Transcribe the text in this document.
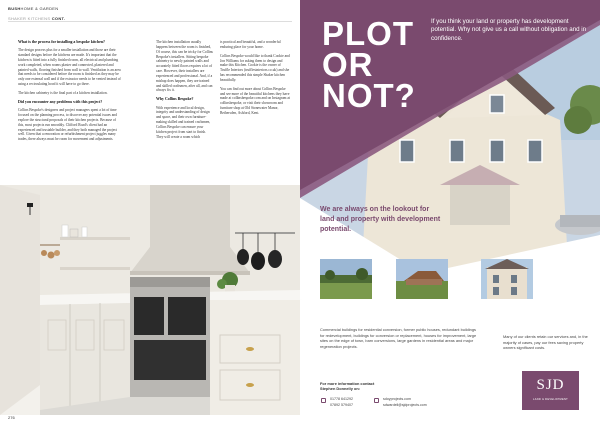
BUSHHOME & GARDEN
SHAKER KITCHENS CONT.
What is the process for installing a bespoke kitchen?

The design process plus for a smaller installation and those are their standard designs before the kitchens are made. It's important that the kitchen is fitted into a fully finished room, all electrical and plumbing work completed, when rooms plaster and connected, plastered and painted walls, flooring finished from wall to wall. Ventilation is an area that needs to be considered before the room is finished as they may be only one external wall and if the extractor needs to be vented instead of using a recirculating hood it will have to go there.

The kitchen cabinetry is the final part of a kitchen installation.

Did you encounter any problems with this project?

Collins Bespoke's designers and project managers spent a lot of time focused on the planning process, to discover any potential issues and explore the structural proposals of their kitchen projects. Because of this, most projects run smoothly. Clifford Road's client had an experienced and trustable builder, and they both managed the project well. Given that a renovation or refurbishment project juggles many trades, there always must be room for movement and adjustments.

The kitchen installation usually happens between the room is finished, Of course, this can be tricky for Collins Bespoke's installers. Sitting bespoke cabinetry to newly painted walls and accurately fitted floors requires a lot of care. However, their installers are experienced and professional. And, if a mishap does happen, they are trained and skilled craftsmen, after all, and can always fix it.

Why Collins Bespoke?

With experience and local design, integrity and understanding of design and space, and their own furniture-making skilled and trained craftsmen, Collins Bespoke can ensure your kitchen project from start to finish. They will create a room which

is practical and beautiful, and a wonderful enduring place for your home.

Collins Bespoke would like to thank Cookie and Jon Williams for asking them to design and make this Kitchen. Cookie is the owner of Truffle Interiors (trufflesinteriors.co.uk) and she has recommended this simple Shaker kitchen beautifully.

You can find out more about Collins Bespoke and see more of the beautiful kitchens they have made at collinsbespoke.com and on Instagram at collinsbespoke, or visit their showroom and furniture shop at Old Stonewater Manor, Bethersden, Ashford, Kent.

276
PLOT
OR
NOT?
If you think your land or property has development potential. Why not give us a call without obligation and in confidence.
We are always on the lookout for land and property with development potential.
Commercial buildings for residential conversion, former public houses, redundant buildings for redevelopment, buildings for conversion or replacement, houses for improvement, large sites on the edge of town, barn conversions, large gardens in residential areas and major regeneration projects.
Many of our clients retain our services and, in the majority of cases, pay our fees saving property owners significant costs.
For more information contact
Stephen Donnelly on:
01778 641292
07892 579407
sdoyprojects.com
sdwardell@sjdprojects.com
SJD
LAND & DEVELOPMENT
